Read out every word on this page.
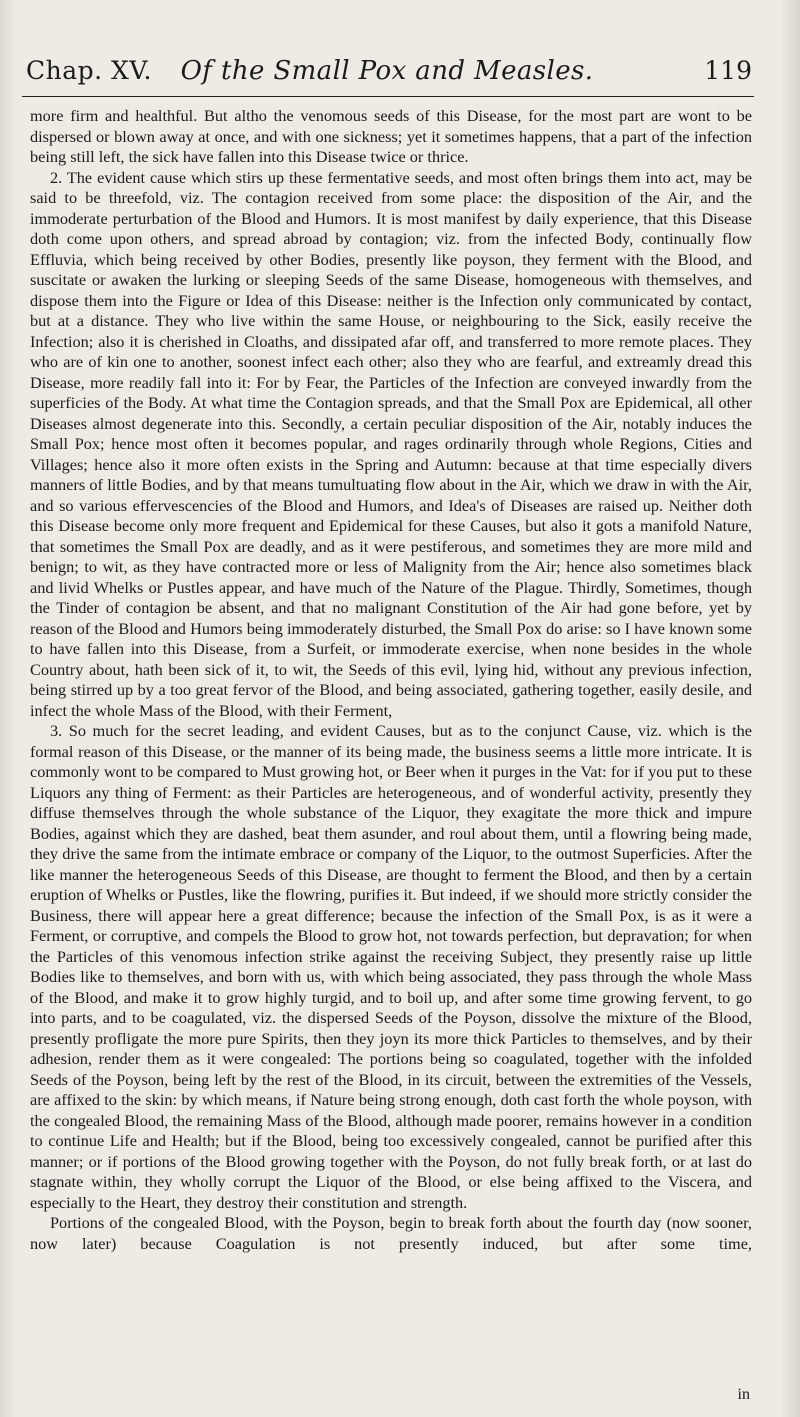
Chap. XV.	Of the Small Pox and Measles.	119

more firm and healthful. But altho the venomous seeds of this Disease, for the most part are wont to be dispersed or blown away at once, and with one sickness; yet it sometimes happens, that a part of the infection being still left, the sick have fallen into this Disease twice or thrice.

2. The evident cause which stirs up these fermentative seeds, and most often brings them into act, may be said to be threefold, viz. The contagion received from some place: the disposition of the Air, and the immoderate perturbation of the Blood and Humors. It is most manifest by daily experience, that this Disease doth come upon others, and spread abroad by contagion; viz. from the infected Body, continually flow Effluvia, which being received by other Bodies, presently like poyson, they ferment with the Blood, and suscitate or awaken the lurking or sleeping Seeds of the same Disease, homogeneous with themselves, and dispose them into the Figure or Idea of this Disease: neither is the Infection only communicated by contact, but at a distance. They who live within the same House, or neighbouring to the Sick, easily receive the Infection; also it is cherished in Cloaths, and dissipated afar off, and transferred to more remote places. They who are of kin one to another, soonest infect each other; also they who are fearful, and extreamly dread this Disease, more readily fall into it: For by Fear, the Particles of the Infection are conveyed inwardly from the superficies of the Body. At what time the Contagion spreads, and that the Small Pox are Epidemical, all other Diseases almost degenerate into this. Secondly, a certain peculiar disposition of the Air, notably induces the Small Pox; hence most often it becomes popular, and rages ordinarily through whole Regions, Cities and Villages; hence also it more often exists in the Spring and Autumn: because at that time especially divers manners of little Bodies, and by that means tumultuating flow about in the Air, which we draw in with the Air, and so various effervescencies of the Blood and Humors, and Idea's of Diseases are raised up. Neither doth this Disease become only more frequent and Epidemical for these Causes, but also it gots a manifold Nature, that sometimes the Small Pox are deadly, and as it were pestiferous, and sometimes they are more mild and benign; to wit, as they have contracted more or less of Malignity from the Air; hence also sometimes black and livid Whelks or Pustles appear, and have much of the Nature of the Plague. Thirdly, Sometimes, though the Tinder of contagion be absent, and that no malignant Constitution of the Air had gone before, yet by reason of the Blood and Humors being immoderately disturbed, the Small Pox do arise: so I have known some to have fallen into this Disease, from a Surfeit, or immoderate exercise, when none besides in the whole Country about, hath been sick of it, to wit, the Seeds of this evil, lying hid, without any previous infection, being stirred up by a too great fervor of the Blood, and being associated, gathering together, easily desile, and infect the whole Mass of the Blood, with their Ferment,

3. So much for the secret leading, and evident Causes, but as to the conjunct Cause, viz. which is the formal reason of this Disease, or the manner of its being made, the business seems a little more intricate. It is commonly wont to be compared to Must growing hot, or Beer when it purges in the Vat: for if you put to these Liquors any thing of Ferment: as their Particles are heterogeneous, and of wonderful activity, presently they diffuse themselves through the whole substance of the Liquor, they exagitate the more thick and impure Bodies, against which they are dashed, beat them asunder, and roul about them, until a flowring being made, they drive the same from the intimate embrace or company of the Liquor, to the outmost Superficies. After the like manner the heterogeneous Seeds of this Disease, are thought to ferment the Blood, and then by a certain eruption of Whelks or Pustles, like the flowring, purifies it. But indeed, if we should more strictly consider the Business, there will appear here a great difference; because the infection of the Small Pox, is as it were a Ferment, or corruptive, and compels the Blood to grow hot, not towards perfection, but depravation; for when the Particles of this venomous infection strike against the receiving Subject, they presently raise up little Bodies like to themselves, and born with us, with which being associated, they pass through the whole Mass of the Blood, and make it to grow highly turgid, and to boil up, and after some time growing fervent, to go into parts, and to be coagulated, viz. the dispersed Seeds of the Poyson, dissolve the mixture of the Blood, presently profligate the more pure Spirits, then they joyn its more thick Particles to themselves, and by their adhesion, render them as it were congealed: The portions being so coagulated, together with the infolded Seeds of the Poyson, being left by the rest of the Blood, in its circuit, between the extremities of the Vessels, are affixed to the skin: by which means, if Nature being strong enough, doth cast forth the whole poyson, with the congealed Blood, the remaining Mass of the Blood, although made poorer, remains however in a condition to continue Life and Health; but if the Blood, being too excessively congealed, cannot be purified after this manner; or if portions of the Blood growing together with the Poyson, do not fully break forth, or at last do stagnate within, they wholly corrupt the Liquor of the Blood, or else being affixed to the Viscera, and especially to the Heart, they destroy their constitution and strength.

Portions of the congealed Blood, with the Poyson, begin to break forth about the fourth day (now sooner, now later) because Coagulation is not presently induced, but after some time,

in
